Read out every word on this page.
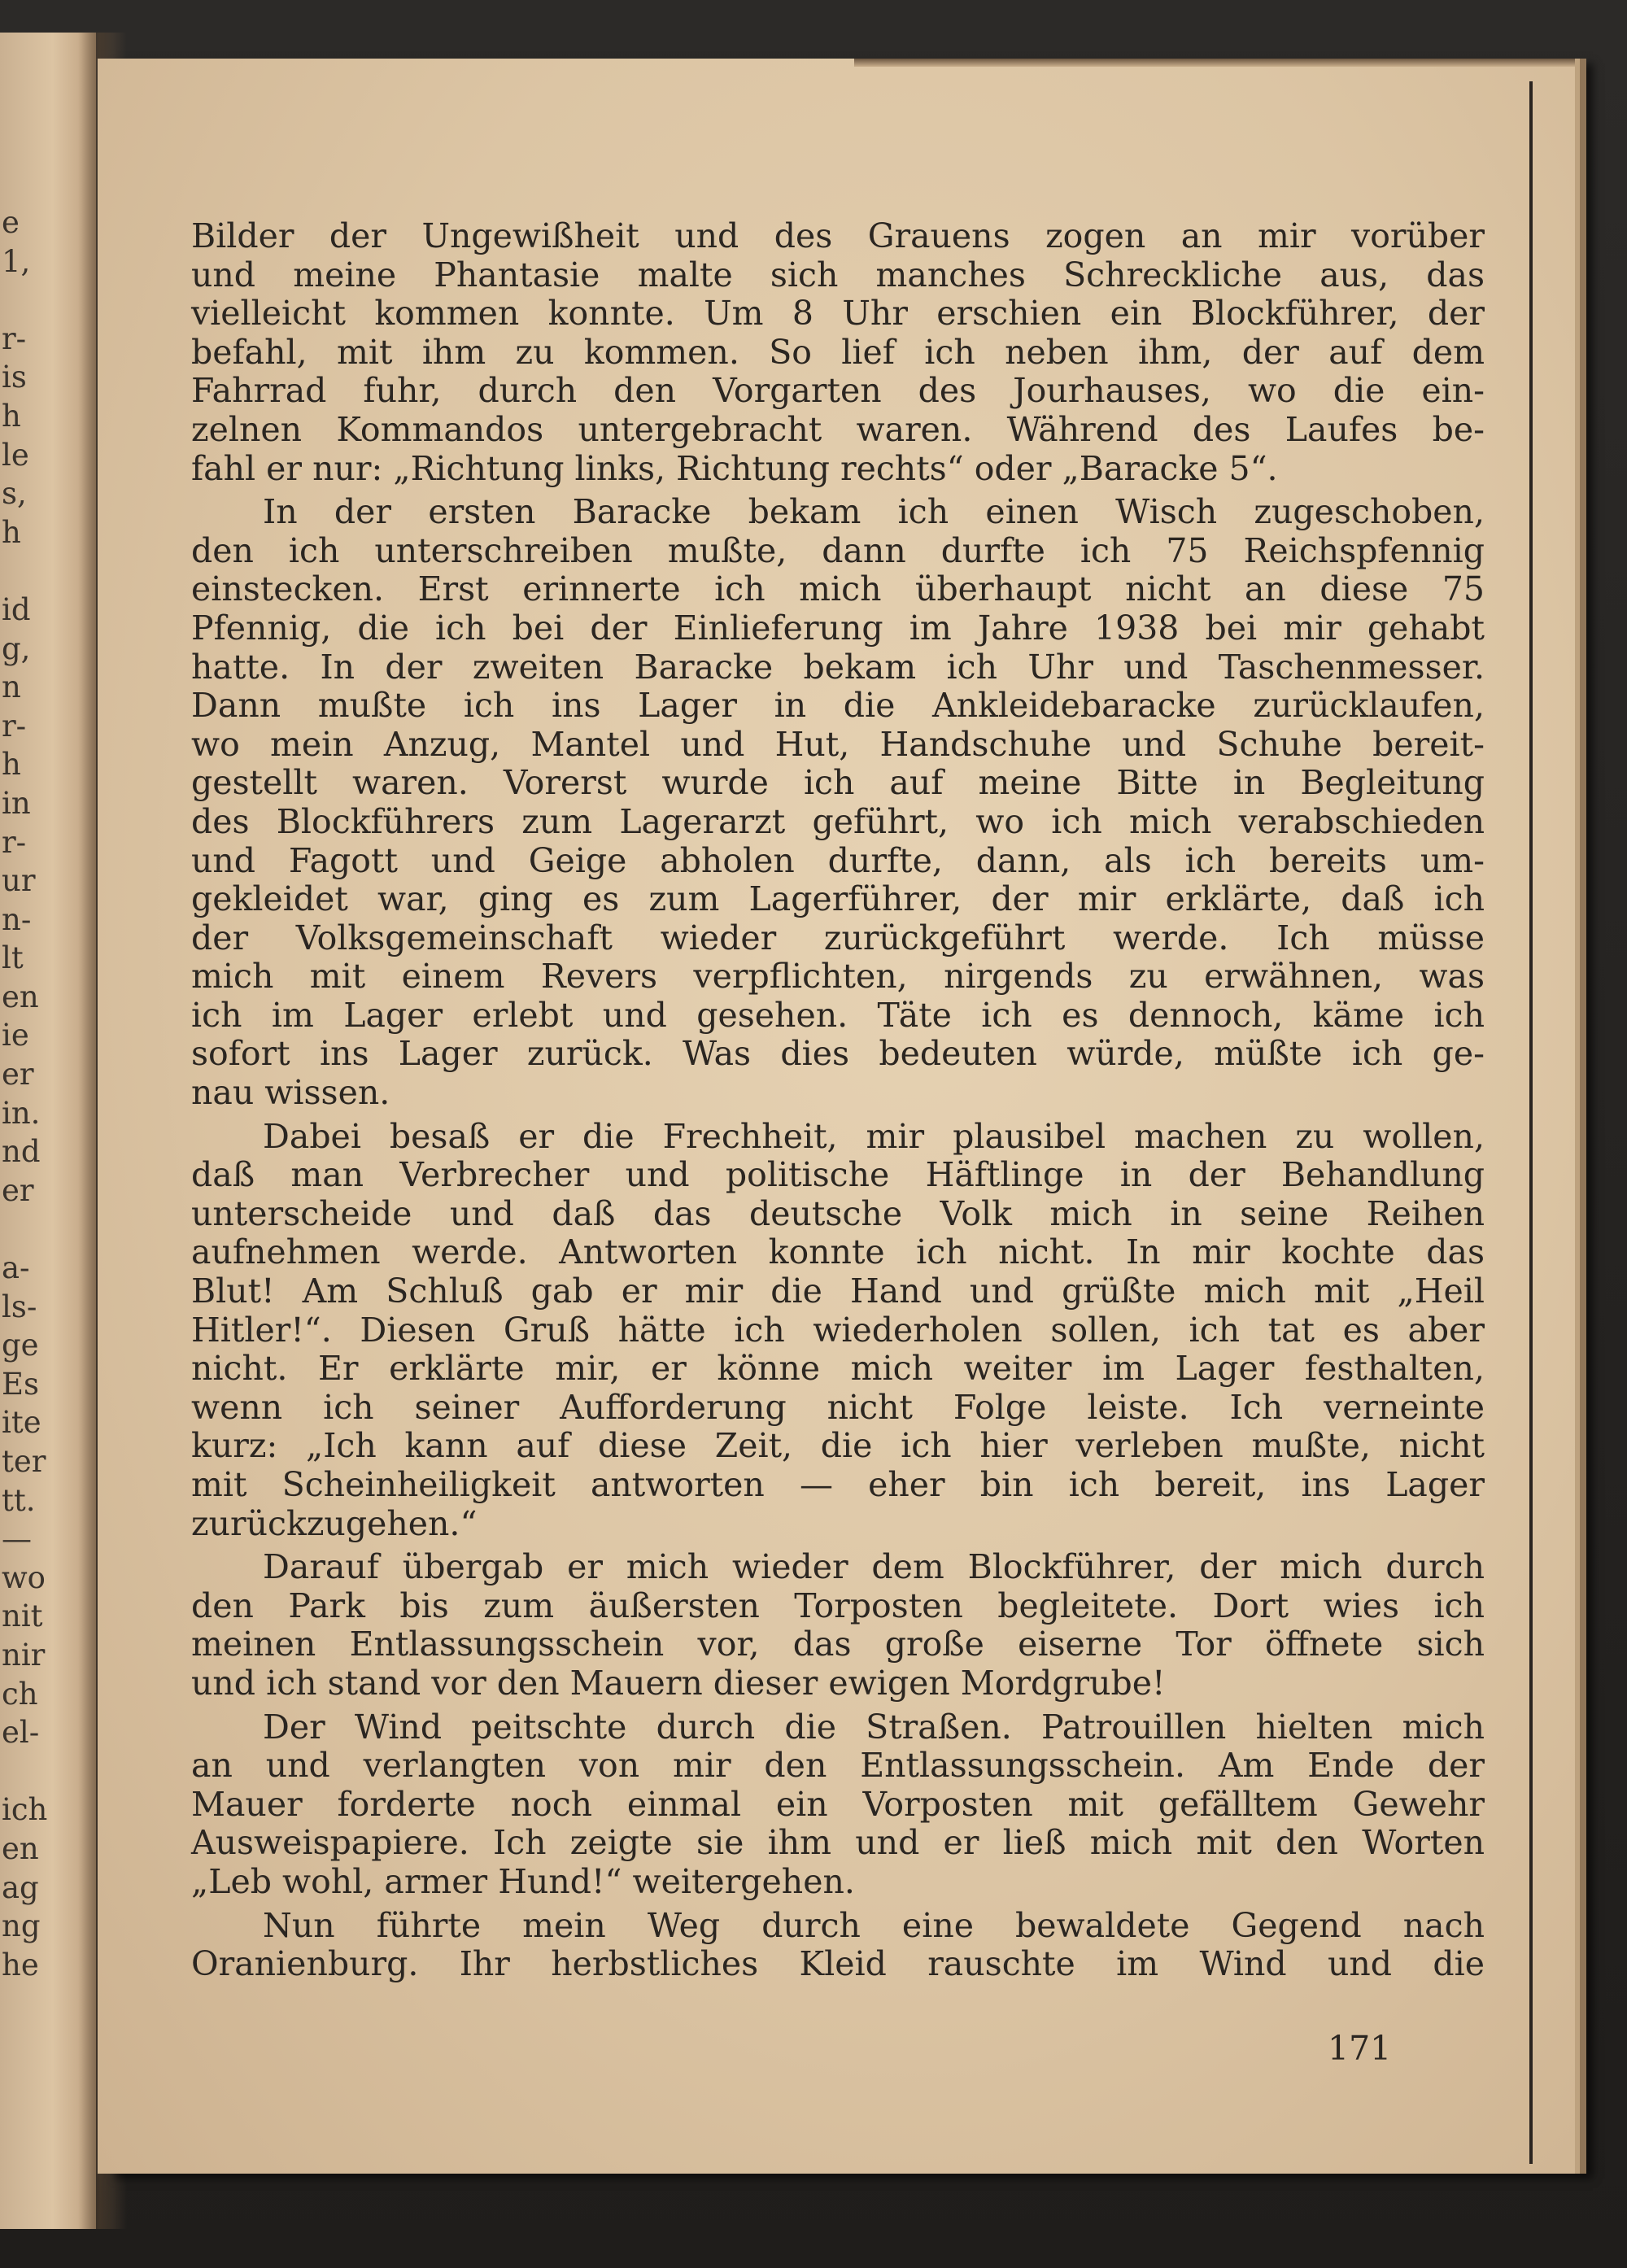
e
1,
r-
is
h
le
s,
h
id
g,
n
r-
h
in
r-
ur
n-
lt
en
ie
er
in.
nd
er
a-
ls-
ge
Es
ite
ter
tt.
—
wo
nit
nir
ch
el-
ich
en
ag
ng
he
Bilder der Ungewißheit und des Grauens zogen an mir vorüber
und meine Phantasie malte sich manches Schreckliche aus, das
vielleicht kommen konnte. Um 8 Uhr erschien ein Blockführer, der
befahl, mit ihm zu kommen. So lief ich neben ihm, der auf dem
Fahrrad fuhr, durch den Vorgarten des Jourhauses, wo die ein-
zelnen Kommandos untergebracht waren. Während des Laufes be-
fahl er nur: „Richtung links, Richtung rechts“ oder „Baracke 5“.
In der ersten Baracke bekam ich einen Wisch zugeschoben,
den ich unterschreiben mußte, dann durfte ich 75 Reichspfennig
einstecken. Erst erinnerte ich mich überhaupt nicht an diese 75
Pfennig, die ich bei der Einlieferung im Jahre 1938 bei mir gehabt
hatte. In der zweiten Baracke bekam ich Uhr und Taschenmesser.
Dann mußte ich ins Lager in die Ankleidebaracke zurücklaufen,
wo mein Anzug, Mantel und Hut, Handschuhe und Schuhe bereit-
gestellt waren. Vorerst wurde ich auf meine Bitte in Begleitung
des Blockführers zum Lagerarzt geführt, wo ich mich verabschieden
und Fagott und Geige abholen durfte, dann, als ich bereits um-
gekleidet war, ging es zum Lagerführer, der mir erklärte, daß ich
der Volksgemeinschaft wieder zurückgeführt werde. Ich müsse
mich mit einem Revers verpflichten, nirgends zu erwähnen, was
ich im Lager erlebt und gesehen. Täte ich es dennoch, käme ich
sofort ins Lager zurück. Was dies bedeuten würde, müßte ich ge-
nau wissen.
Dabei besaß er die Frechheit, mir plausibel machen zu wollen,
daß man Verbrecher und politische Häftlinge in der Behandlung
unterscheide und daß das deutsche Volk mich in seine Reihen
aufnehmen werde. Antworten konnte ich nicht. In mir kochte das
Blut! Am Schluß gab er mir die Hand und grüßte mich mit „Heil
Hitler!“. Diesen Gruß hätte ich wiederholen sollen, ich tat es aber
nicht. Er erklärte mir, er könne mich weiter im Lager festhalten,
wenn ich seiner Aufforderung nicht Folge leiste. Ich verneinte
kurz: „Ich kann auf diese Zeit, die ich hier verleben mußte, nicht
mit Scheinheiligkeit antworten — eher bin ich bereit, ins Lager
zurückzugehen.“
Darauf übergab er mich wieder dem Blockführer, der mich durch
den Park bis zum äußersten Torposten begleitete. Dort wies ich
meinen Entlassungsschein vor, das große eiserne Tor öffnete sich
und ich stand vor den Mauern dieser ewigen Mordgrube!
Der Wind peitschte durch die Straßen. Patrouillen hielten mich
an und verlangten von mir den Entlassungsschein. Am Ende der
Mauer forderte noch einmal ein Vorposten mit gefälltem Gewehr
Ausweispapiere. Ich zeigte sie ihm und er ließ mich mit den Worten
„Leb wohl, armer Hund!“ weitergehen.
Nun führte mein Weg durch eine bewaldete Gegend nach
Oranienburg. Ihr herbstliches Kleid rauschte im Wind und die
171
